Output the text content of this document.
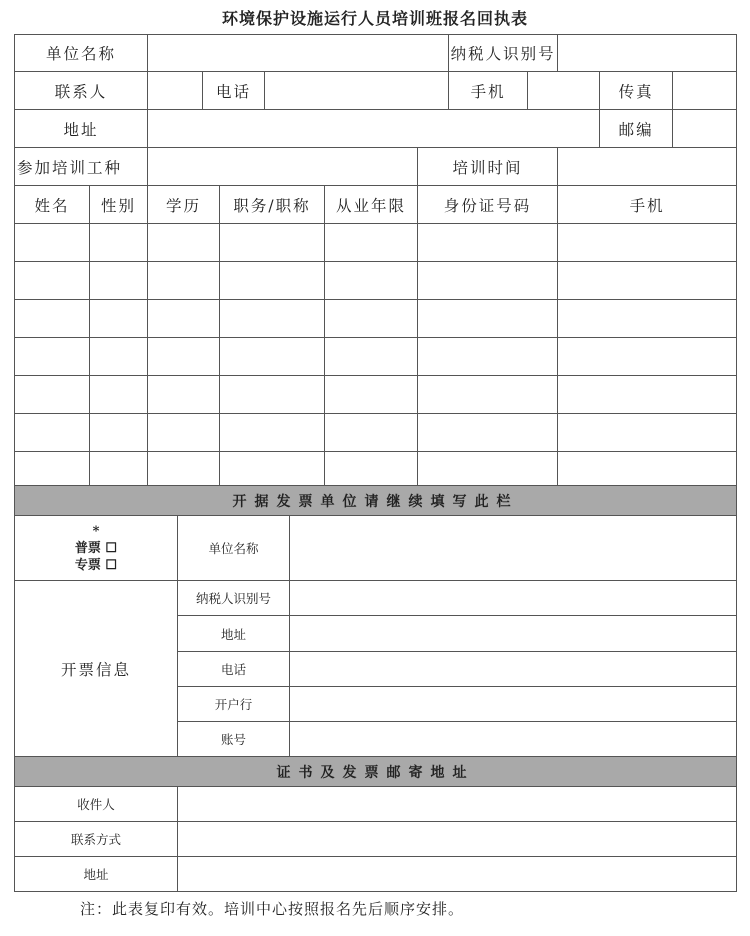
环境保护设施运行人员培训班报名回执表
单位名称								纳税人识别号				
联系人			电话					手机			传真	
地址											邮编	
参加培训工种							培训时间					
姓名	性别	学历		职务/职称		从业年限	身份证号码			手机		

开据发票单位请继续填写此栏		

*
普票 ☐
专票 ☐	单位名称	
开票信息	纳税人识别号	
	地址	
	电话	
	开户行	
	账号	
证书及发票邮寄地址		
收件人		
联系方式		
地址		
注：此表复印有效。培训中心按照报名先后顺序安排。
